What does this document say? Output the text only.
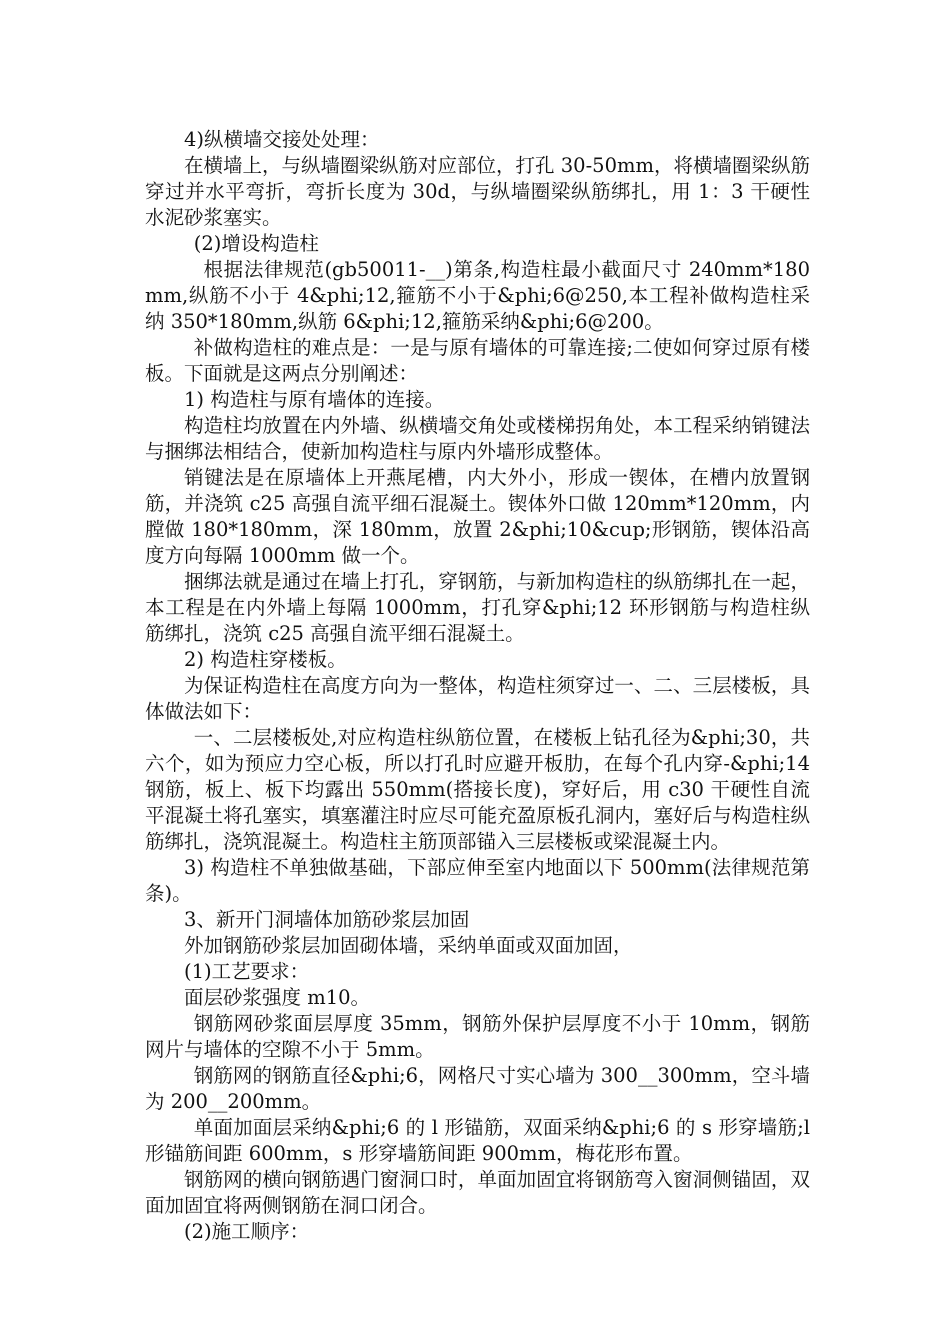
4)纵横墙交接处处理：

在横墙上，与纵墙圈梁纵筋对应部位，打孔 30-50mm，将横墙圈梁纵筋穿过并水平弯折，弯折长度为 30d，与纵墙圈梁纵筋绑扎，用 1：3 干硬性水泥砂浆塞实。

(2)增设构造柱

根据法律规范(gb50011-__)第条,构造柱最小截面尺寸 240mm*180mm,纵筋不小于 4&phi;12,箍筋不小于&phi;6@250,本工程补做构造柱采纳 350*180mm,纵筋 6&phi;12,箍筋采纳&phi;6@200。

补做构造柱的难点是：一是与原有墙体的可靠连接;二使如何穿过原有楼板。下面就是这两点分别阐述：

1) 构造柱与原有墙体的连接。

构造柱均放置在内外墙、纵横墙交角处或楼梯拐角处，本工程采纳销键法与捆绑法相结合，使新加构造柱与原内外墙形成整体。

销键法是在原墙体上开燕尾槽，内大外小，形成一锲体，在槽内放置钢筋，并浇筑 c25 高强自流平细石混凝土。锲体外口做 120mm*120mm，内膛做 180*180mm，深 180mm，放置 2&phi;10&cup;形钢筋，锲体沿高度方向每隔 1000mm 做一个。

捆绑法就是通过在墙上打孔，穿钢筋，与新加构造柱的纵筋绑扎在一起，本工程是在内外墙上每隔 1000mm，打孔穿&phi;12 环形钢筋与构造柱纵筋绑扎，浇筑 c25 高强自流平细石混凝土。

2) 构造柱穿楼板。

为保证构造柱在高度方向为一整体，构造柱须穿过一、二、三层楼板，具体做法如下：

一、二层楼板处,对应构造柱纵筋位置，在楼板上钻孔径为&phi;30，共六个，如为预应力空心板，所以打孔时应避开板肋，在每个孔内穿-&phi;14 钢筋，板上、板下均露出 550mm(搭接长度)，穿好后，用 c30 干硬性自流平混凝土将孔塞实，填塞灌注时应尽可能充盈原板孔洞内，塞好后与构造柱纵筋绑扎，浇筑混凝土。构造柱主筋顶部锚入三层楼板或梁混凝土内。

3) 构造柱不单独做基础，下部应伸至室内地面以下 500mm(法律规范第条)。

3、新开门洞墙体加筋砂浆层加固

外加钢筋砂浆层加固砌体墙，采纳单面或双面加固，

(1)工艺要求：

面层砂浆强度 m10。

钢筋网砂浆面层厚度 35mm，钢筋外保护层厚度不小于 10mm，钢筋网片与墙体的空隙不小于 5mm。

钢筋网的钢筋直径&phi;6，网格尺寸实心墙为 300__300mm，空斗墙为 200__200mm。

单面加面层采纳&phi;6 的 l 形锚筋，双面采纳&phi;6 的 s 形穿墙筋;l 形锚筋间距 600mm，s 形穿墙筋间距 900mm，梅花形布置。

钢筋网的横向钢筋遇门窗洞口时，单面加固宜将钢筋弯入窗洞侧锚固，双面加固宜将两侧钢筋在洞口闭合。

(2)施工顺序：
